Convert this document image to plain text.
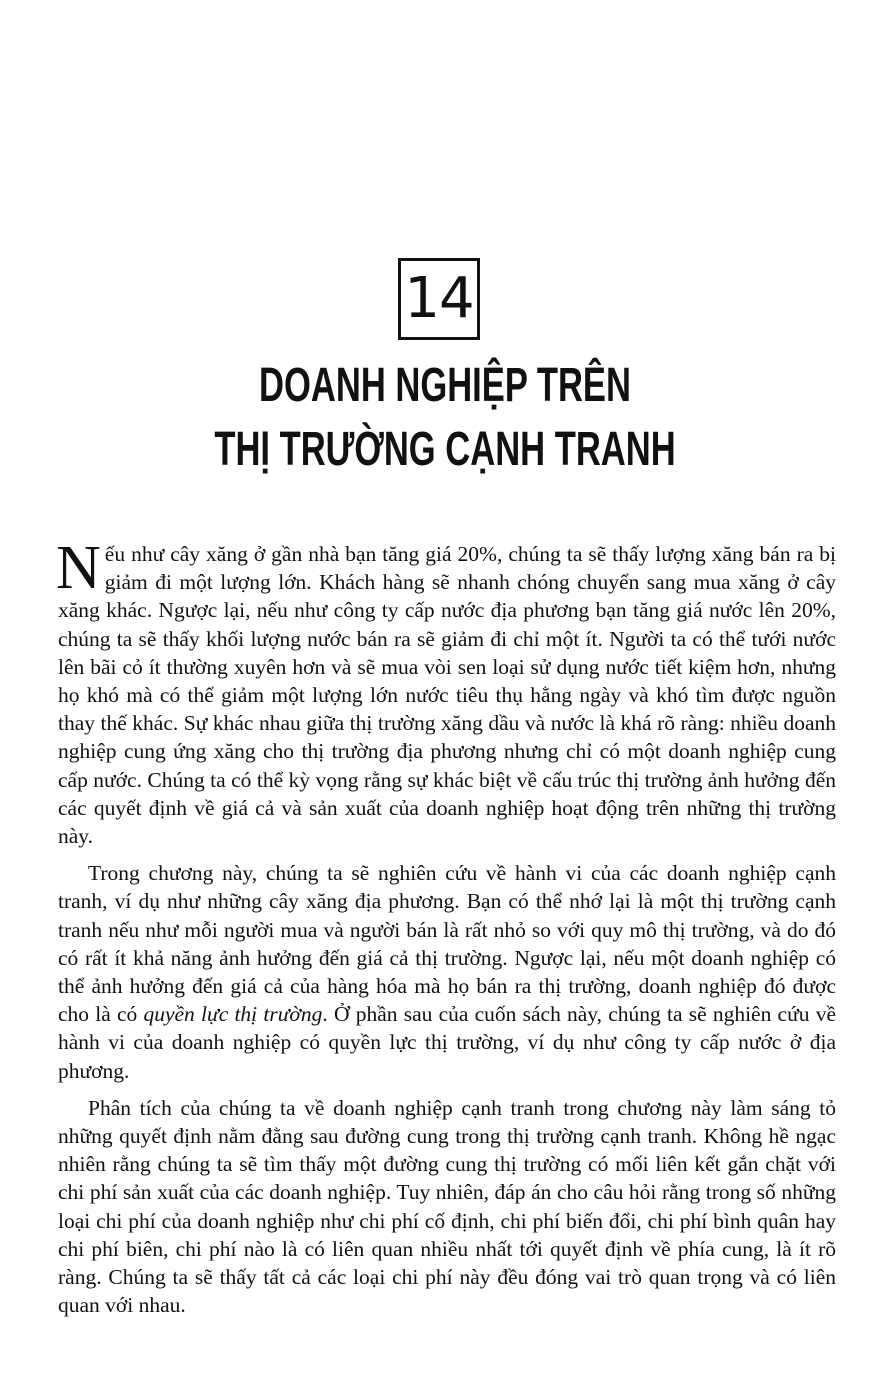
14
DOANH NGHIỆP TRÊN
THỊ TRƯỜNG CẠNH TRANH

Nếu như cây xăng ở gần nhà bạn tăng giá 20%, chúng ta sẽ thấy lượng xăng bán ra bị giảm đi một lượng lớn. Khách hàng sẽ nhanh chóng chuyển sang mua xăng ở cây xăng khác. Ngược lại, nếu như công ty cấp nước địa phương bạn tăng giá nước lên 20%, chúng ta sẽ thấy khối lượng nước bán ra sẽ giảm đi chỉ một ít. Người ta có thể tưới nước lên bãi cỏ ít thường xuyên hơn và sẽ mua vòi sen loại sử dụng nước tiết kiệm hơn, nhưng họ khó mà có thể giảm một lượng lớn nước tiêu thụ hằng ngày và khó tìm được nguồn thay thế khác. Sự khác nhau giữa thị trường xăng dầu và nước là khá rõ ràng: nhiều doanh nghiệp cung ứng xăng cho thị trường địa phương nhưng chỉ có một doanh nghiệp cung cấp nước. Chúng ta có thể kỳ vọng rằng sự khác biệt về cấu trúc thị trường ảnh hưởng đến các quyết định về giá cả và sản xuất của doanh nghiệp hoạt động trên những thị trường này.

Trong chương này, chúng ta sẽ nghiên cứu về hành vi của các doanh nghiệp cạnh tranh, ví dụ như những cây xăng địa phương. Bạn có thể nhớ lại là một thị trường cạnh tranh nếu như mỗi người mua và người bán là rất nhỏ so với quy mô thị trường, và do đó có rất ít khả năng ảnh hưởng đến giá cả thị trường. Ngược lại, nếu một doanh nghiệp có thể ảnh hưởng đến giá cả của hàng hóa mà họ bán ra thị trường, doanh nghiệp đó được cho là có quyền lực thị trường. Ở phần sau của cuốn sách này, chúng ta sẽ nghiên cứu về hành vi của doanh nghiệp có quyền lực thị trường, ví dụ như công ty cấp nước ở địa phương.

Phân tích của chúng ta về doanh nghiệp cạnh tranh trong chương này làm sáng tỏ những quyết định nằm đằng sau đường cung trong thị trường cạnh tranh. Không hề ngạc nhiên rằng chúng ta sẽ tìm thấy một đường cung thị trường có mối liên kết gắn chặt với chi phí sản xuất của các doanh nghiệp. Tuy nhiên, đáp án cho câu hỏi rằng trong số những loại chi phí của doanh nghiệp như chi phí cố định, chi phí biến đổi, chi phí bình quân hay chi phí biên, chi phí nào là có liên quan nhiều nhất tới quyết định về phía cung, là ít rõ ràng. Chúng ta sẽ thấy tất cả các loại chi phí này đều đóng vai trò quan trọng và có liên quan với nhau.
